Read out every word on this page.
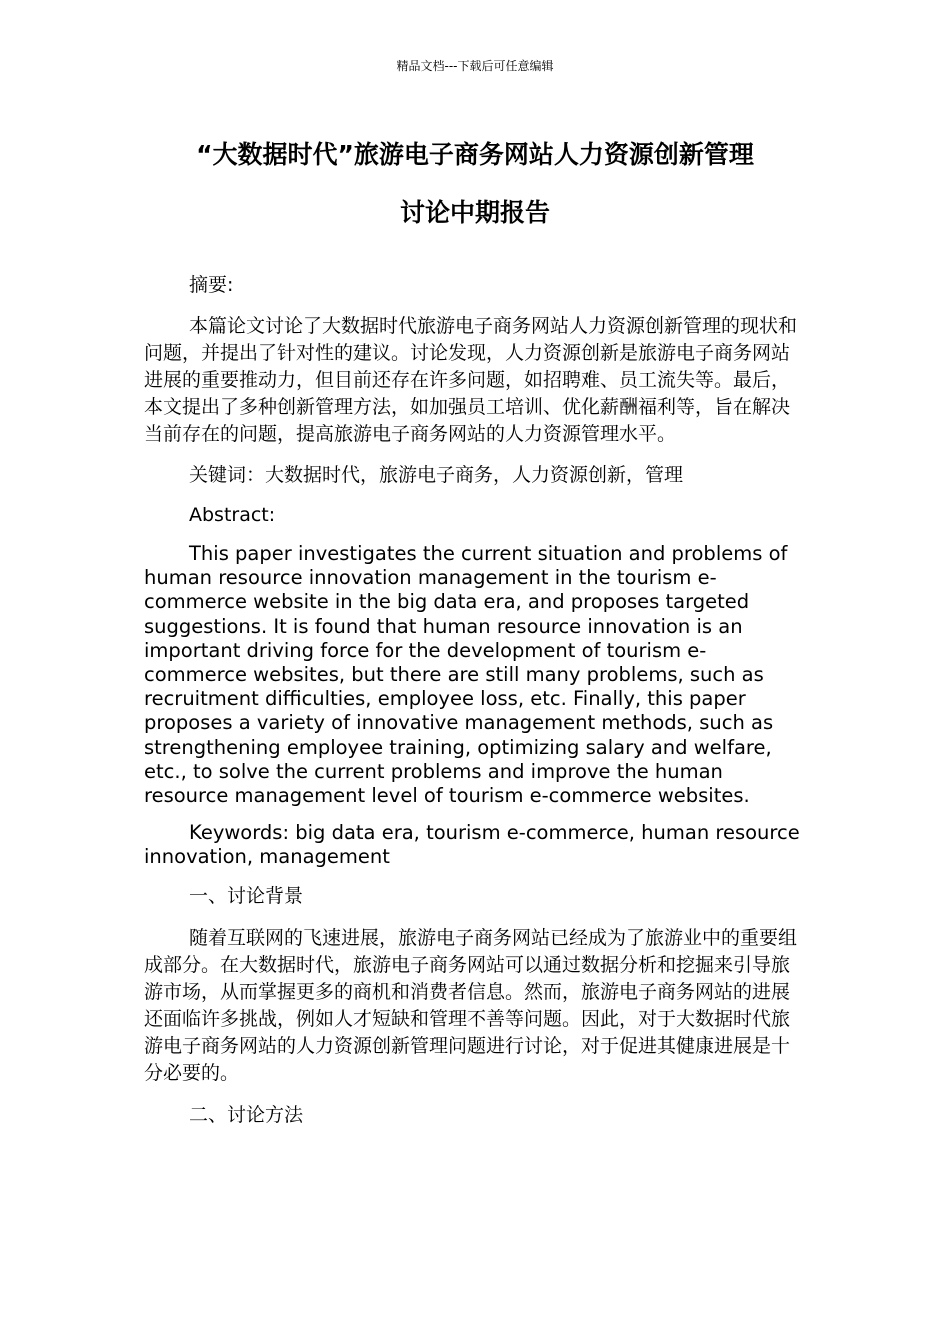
精品文档---下载后可任意编辑
“大数据时代”旅游电子商务网站人力资源创新管理
讨论中期报告

摘要:

本篇论文讨论了大数据时代旅游电子商务网站人力资源创新管理的现状和问题，并提出了针对性的建议。讨论发现，人力资源创新是旅游电子商务网站进展的重要推动力，但目前还存在许多问题，如招聘难、员工流失等。最后，本文提出了多种创新管理方法，如加强员工培训、优化薪酬福利等，旨在解决当前存在的问题，提高旅游电子商务网站的人力资源管理水平。

关键词：大数据时代，旅游电子商务，人力资源创新，管理

Abstract:

This paper investigates the current situation and problems of human resource innovation management in the tourism e-commerce website in the big data era, and proposes targeted suggestions. It is found that human resource innovation is an important driving force for the development of tourism e-commerce websites, but there are still many problems, such as recruitment difficulties, employee loss, etc. Finally, this paper proposes a variety of innovative management methods, such as strengthening employee training, optimizing salary and welfare, etc., to solve the current problems and improve the human resource management level of tourism e-commerce websites.

Keywords: big data era, tourism e-commerce, human resource innovation, management

一、讨论背景

随着互联网的飞速进展，旅游电子商务网站已经成为了旅游业中的重要组成部分。在大数据时代，旅游电子商务网站可以通过数据分析和挖掘来引导旅游市场，从而掌握更多的商机和消费者信息。然而，旅游电子商务网站的进展还面临许多挑战，例如人才短缺和管理不善等问题。因此，对于大数据时代旅游电子商务网站的人力资源创新管理问题进行讨论，对于促进其健康进展是十分必要的。

二、讨论方法
